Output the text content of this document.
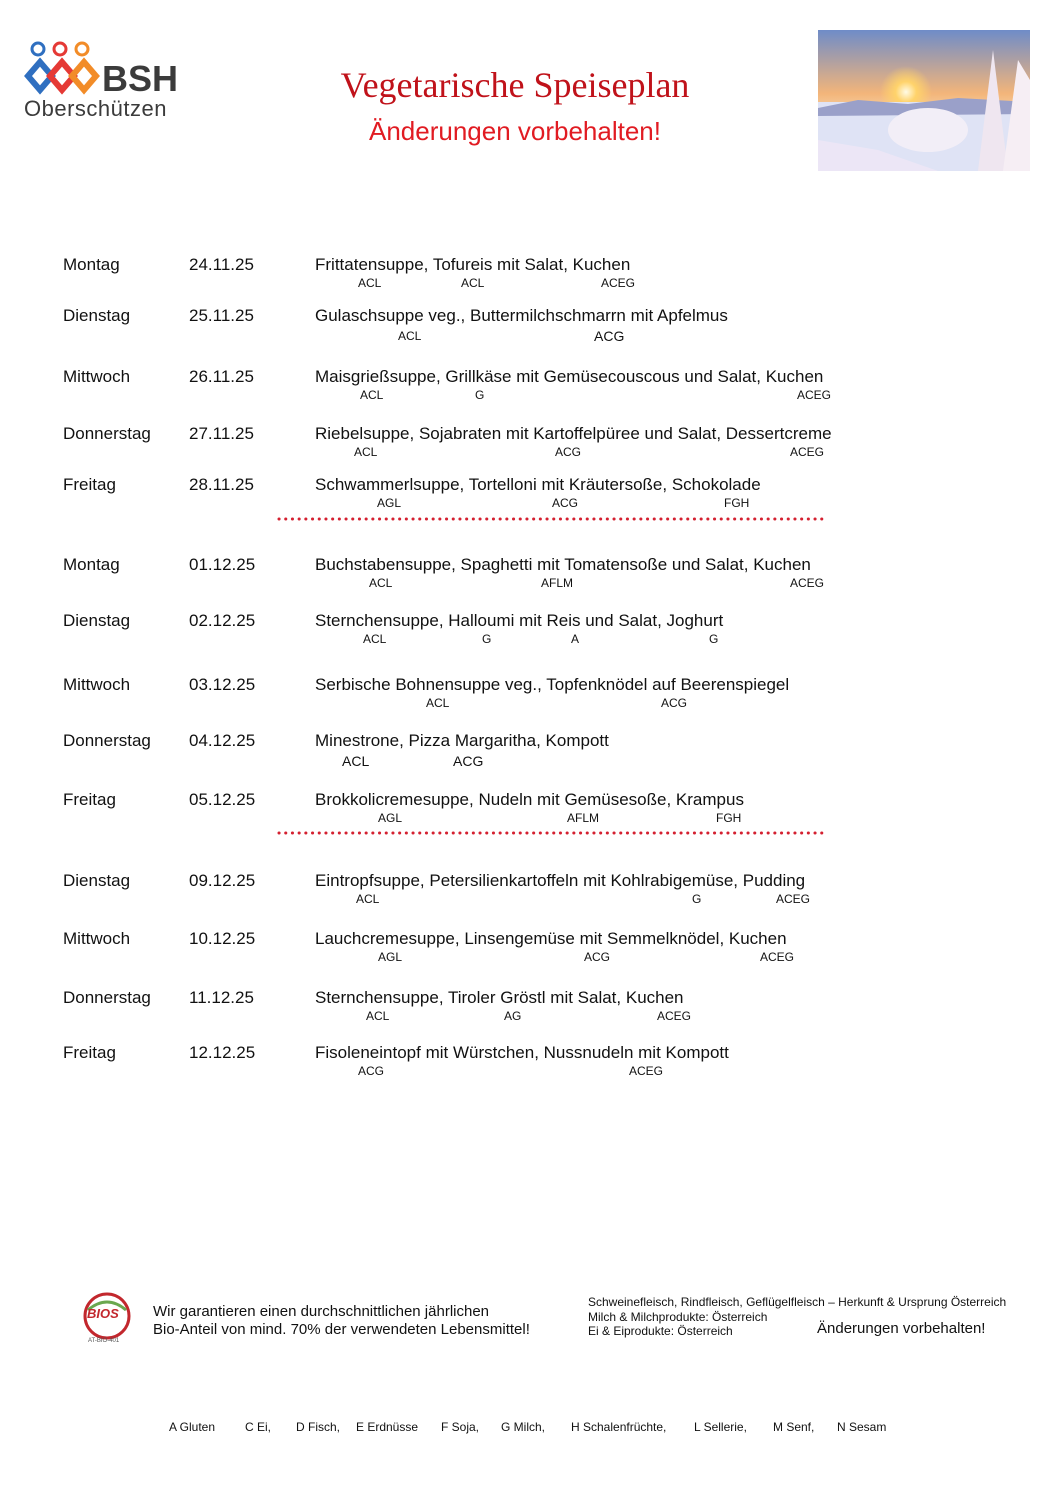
BSH
Oberschützen
Vegetarische Speiseplan
Änderungen vorbehalten!
Montag	24.11.25	Frittatensuppe, Tofureis mit Salat, Kuchen
ACL	ACL	ACEG
Dienstag	25.11.25	Gulaschsuppe veg., Buttermilchschmarrn mit Apfelmus
ACL	ACG
Mittwoch	26.11.25	Maisgrießsuppe, Grillkäse mit Gemüsecouscous und Salat, Kuchen
ACL	G	ACEG
Donnerstag 27.11.25	Riebelsuppe, Sojabraten mit Kartoffelpüree und Salat, Dessertcreme
ACL	ACG	ACEG
Freitag	28.11.25	Schwammerlsuppe, Tortelloni mit Kräutersoße, Schokolade
AGL	ACG	FGH
Montag	01.12.25	Buchstabensuppe, Spaghetti mit Tomatensoße und Salat, Kuchen
ACL	AFLM	ACEG
Dienstag	02.12.25	Sternchensuppe, Halloumi mit Reis und Salat, Joghurt
ACL	G	A	G
Mittwoch	03.12.25	Serbische Bohnensuppe veg., Topfenknödel auf Beerenspiegel
ACL	ACG
Donnerstag 04.12.25	Minestrone, Pizza Margaritha, Kompott
ACL	ACG
Freitag	05.12.25	Brokkolicremesuppe, Nudeln mit Gemüsesoße, Krampus
AGL	AFLM	FGH
Dienstag	09.12.25	Eintropfsuppe, Petersilienkartoffeln mit Kohlrabigemüse, Pudding
ACL	G	ACEG
Mittwoch	10.12.25	Lauchcremesuppe, Linsengemüse mit Semmelknödel, Kuchen
AGL	ACG	ACEG
Donnerstag 11.12.25	Sternchensuppe, Tiroler Gröstl mit Salat, Kuchen
ACL	AG	ACEG
Freitag	12.12.25	Fisoleneintopf mit Würstchen, Nussnudeln mit Kompott
ACG	ACEG
BIOS
AT-BIO-401
Wir garantieren einen durchschnittlichen jährlichen
Bio-Anteil von mind. 70% der verwendeten Lebensmittel!
Schweinefleisch, Rindfleisch, Geflügelfleisch – Herkunft & Ursprung Österreich
Milch & Milchprodukte: Österreich
Ei & Eiprodukte: Österreich	Änderungen vorbehalten!
A Gluten C Ei, D Fisch, E Erdnüsse F Soja, G Milch, H Schalenfrüchte, L Sellerie, M Senf, N Sesam
